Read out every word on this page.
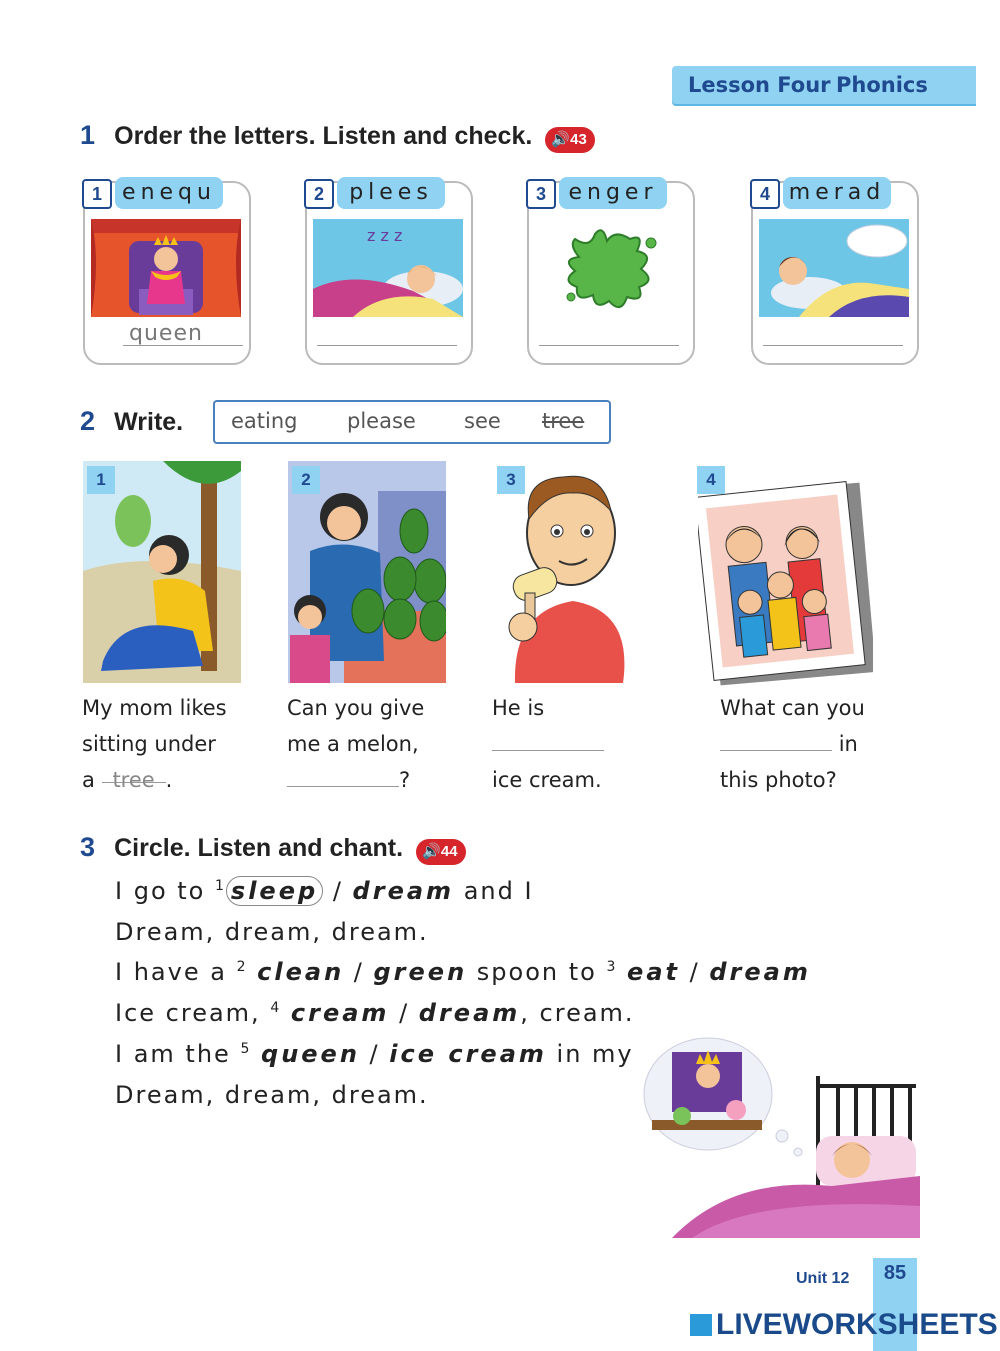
Lesson Four Phonics
1 Order the letters. Listen and check. 🔊43
1 enequ
queen
2	plees
z z z
3	enger	4 merad
2 Write. eating please see tree
1	2	3	4
My mom likes
sitting under
a tree .
Can you give
me a melon,
?
He is
ice cream.
What can you
in
this photo?
3 Circle. Listen and chant. 🔊44
I go to $^1$ sleep / dream and I
Dream, dream, dream.
I have a $^2$ clean / green spoon to $^3$ eat / dream
Ice cream, $^4$ cream / dream, cream.
I am the $^5$ queen / ice cream in my
Dream, dream, dream.
Unit 12	85
LIVEWORKSHEETS
